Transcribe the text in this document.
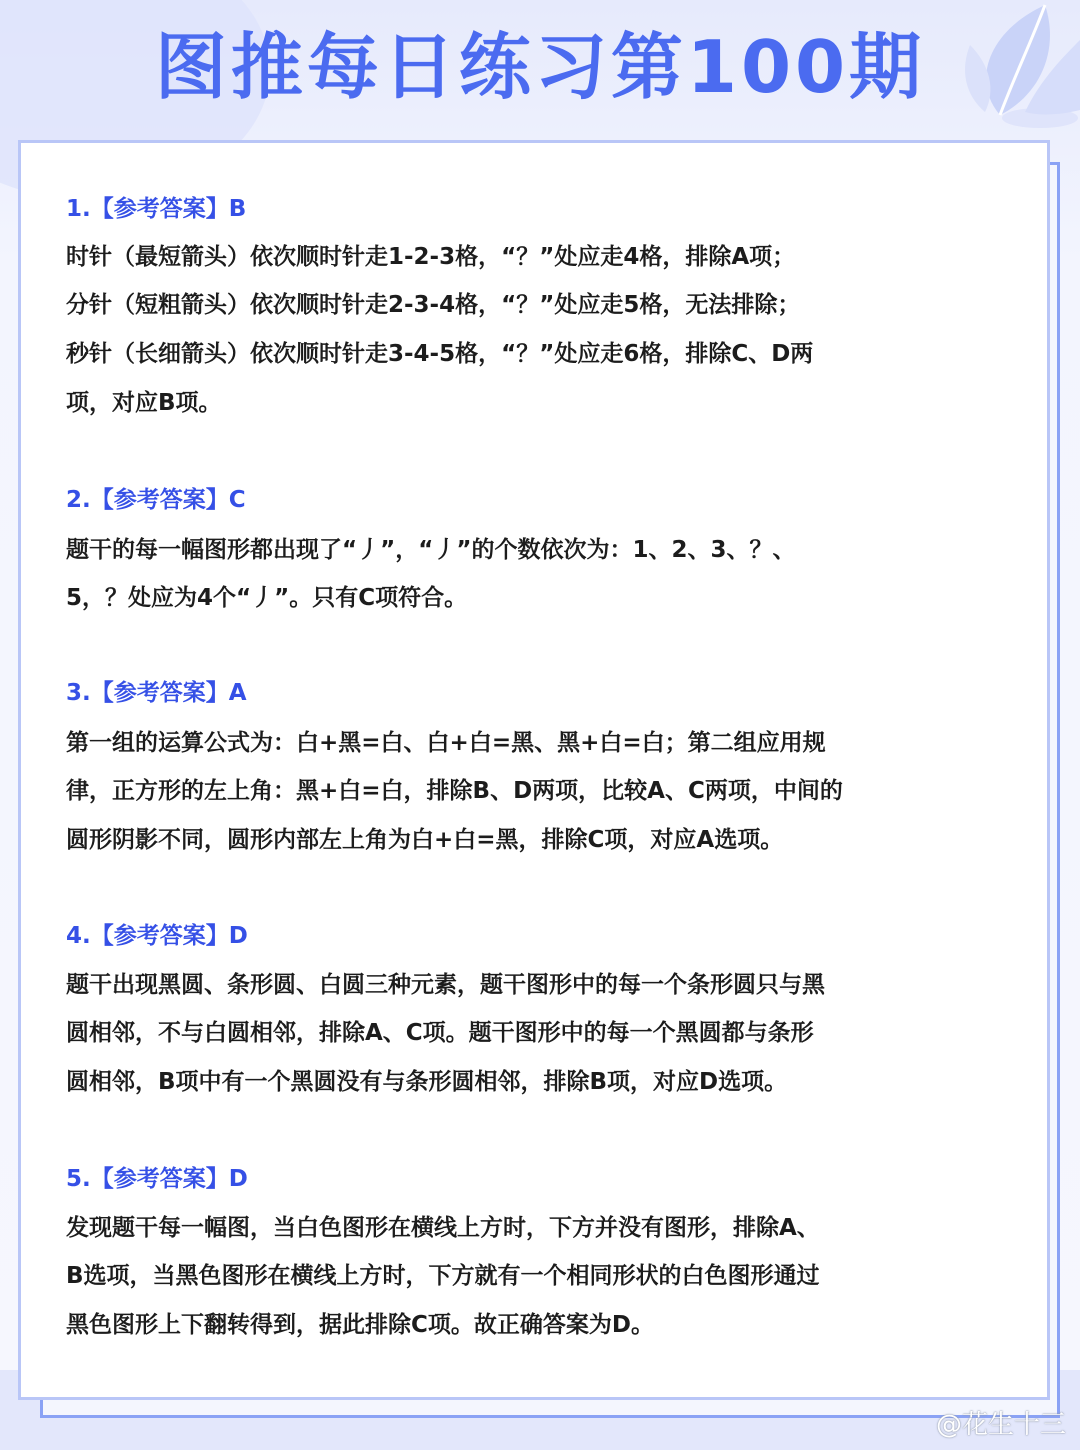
图推每日练习第100期
1.【参考答案】B
时针（最短箭头）依次顺时针走1-2-3格，“？”处应走4格，排除A项；
分针（短粗箭头）依次顺时针走2-3-4格，“？”处应走5格，无法排除；
秒针（长细箭头）依次顺时针走3-4-5格，“？”处应走6格，排除C、D两
项，对应B项。
2.【参考答案】C
题干的每一幅图形都出现了“丿”，“丿”的个数依次为：1、2、3、？、
5，？处应为4个“丿”。只有C项符合。
3.【参考答案】A
第一组的运算公式为：白+黑=白、白+白=黑、黑+白=白；第二组应用规
律，正方形的左上角：黑+白=白，排除B、D两项，比较A、C两项，中间的
圆形阴影不同，圆形内部左上角为白+白=黑，排除C项，对应A选项。
4.【参考答案】D
题干出现黑圆、条形圆、白圆三种元素，题干图形中的每一个条形圆只与黑
圆相邻，不与白圆相邻，排除A、C项。题干图形中的每一个黑圆都与条形
圆相邻，B项中有一个黑圆没有与条形圆相邻，排除B项，对应D选项。
5.【参考答案】D
发现题干每一幅图，当白色图形在横线上方时，下方并没有图形，排除A、
B选项，当黑色图形在横线上方时，下方就有一个相同形状的白色图形通过
黑色图形上下翻转得到，据此排除C项。故正确答案为D。
@花生十三
